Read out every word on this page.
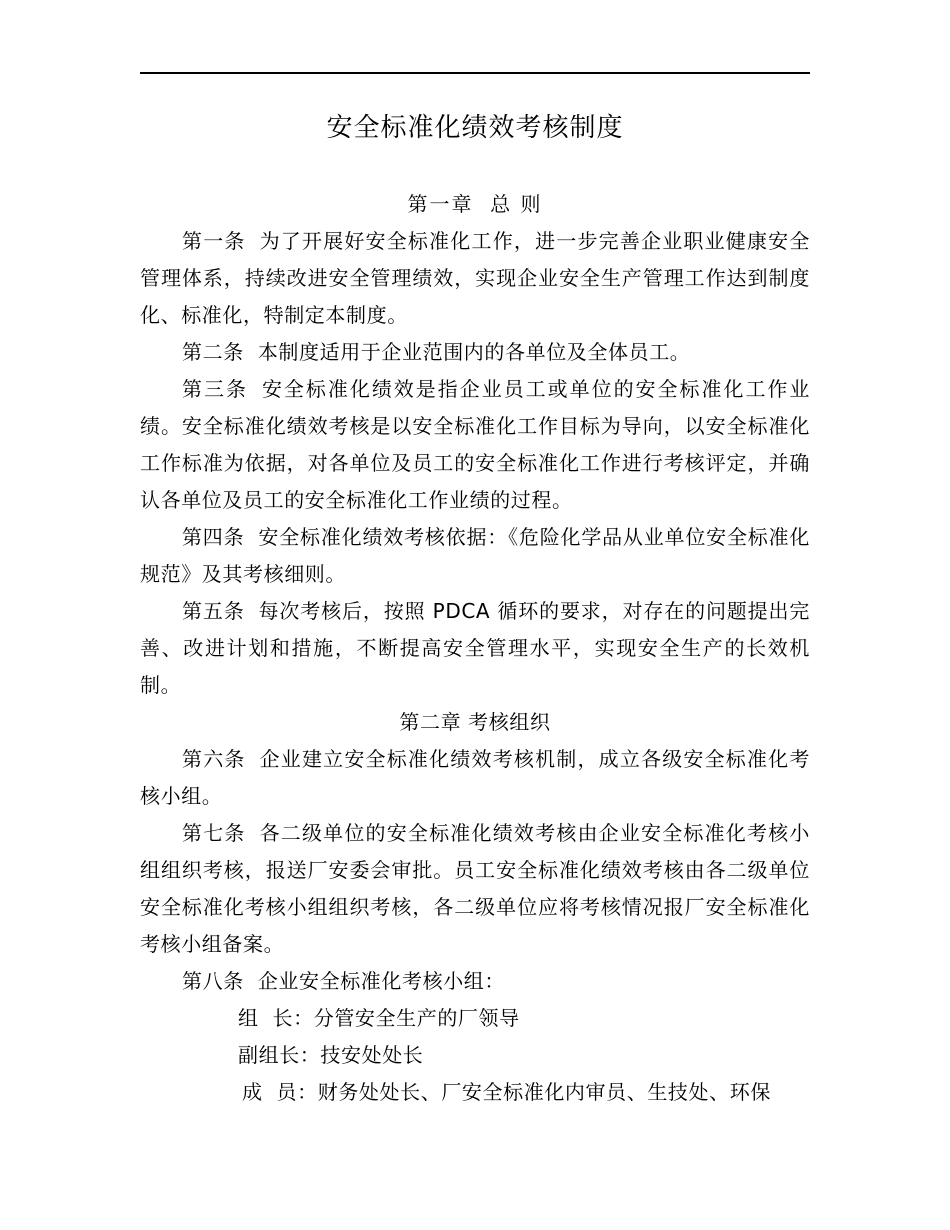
安全标准化绩效考核制度

第一章  总 则

第一条 为了开展好安全标准化工作，进一步完善企业职业健康安全管理体系，持续改进安全管理绩效，实现企业安全生产管理工作达到制度化、标准化，特制定本制度。

第二条 本制度适用于企业范围内的各单位及全体员工。

第三条 安全标准化绩效是指企业员工或单位的安全标准化工作业绩。安全标准化绩效考核是以安全标准化工作目标为导向，以安全标准化工作标准为依据，对各单位及员工的安全标准化工作进行考核评定，并确认各单位及员工的安全标准化工作业绩的过程。

第四条 安全标准化绩效考核依据：《危险化学品从业单位安全标准化规范》及其考核细则。

第五条 每次考核后，按照 PDCA 循环的要求，对存在的问题提出完善、改进计划和措施，不断提高安全管理水平，实现安全生产的长效机制。

第二章 考核组织

第六条 企业建立安全标准化绩效考核机制，成立各级安全标准化考核小组。

第七条 各二级单位的安全标准化绩效考核由企业安全标准化考核小组组织考核，报送厂安委会审批。员工安全标准化绩效考核由各二级单位安全标准化考核小组组织考核，各二级单位应将考核情况报厂安全标准化考核小组备案。

第八条 企业安全标准化考核小组：

组  长：分管安全生产的厂领导

副组长：技安处处长

成  员：财务处处长、厂安全标准化内审员、生技处、环保
